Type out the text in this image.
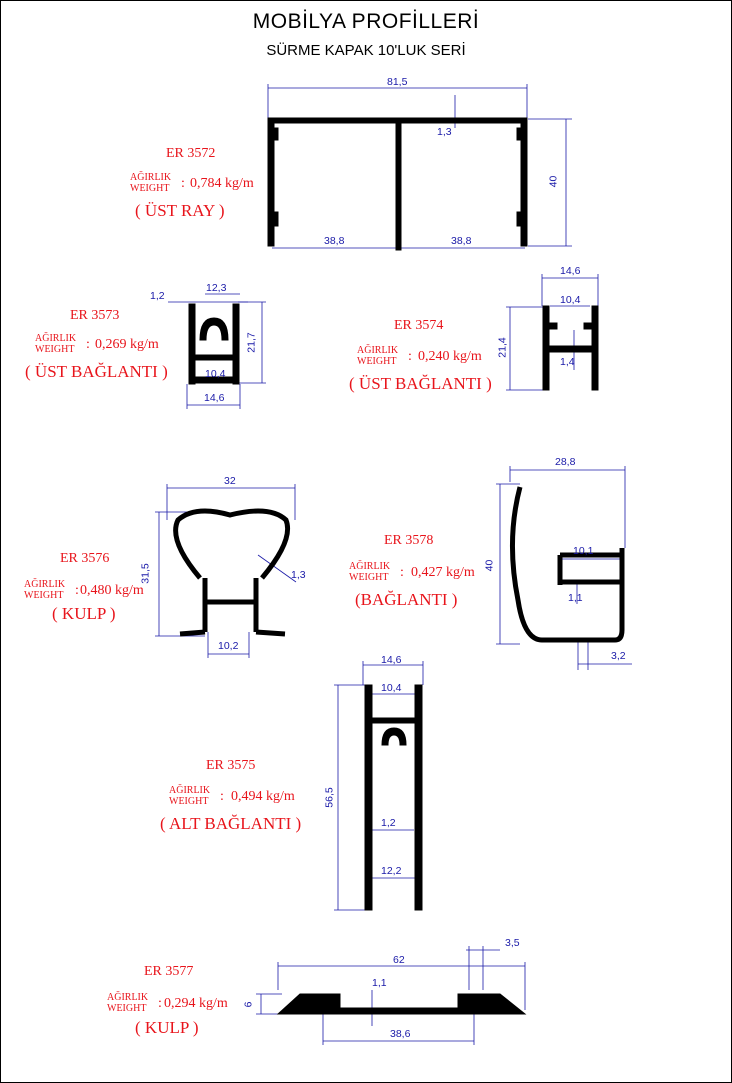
MOBİLYA PROFİLLERİ
SÜRME KAPAK 10'LUK SERİ
81,5
1,3
40
38,8	38,8
1,2
12,3
21,7
10,4
14,6
14,6
10,4
21,4
1,4
32
31,5	1,3
10,2
28,8
40
10,1
1,1
3,2
14,6
10,4
56,5
1,2
12,2
62
3,5
1,1
6
38,6
ER 3572
AĞIRLIK
WEIGHT : 0,784 kg/m
( ÜST RAY )
ER 3573
AĞIRLIK
WEIGHT : 0,269 kg/m
( ÜST BAĞLANTI )
ER 3574
AĞIRLIK
WEIGHT : 0,240 kg/m
( ÜST BAĞLANTI )
ER 3576
AĞIRLIK
WEIGHT : 0,480 kg/m
( KULP )
ER 3578
AĞIRLIK
WEIGHT : 0,427 kg/m
(BAĞLANTI )
ER 3575
AĞIRLIK
WEIGHT : 0,494 kg/m
( ALT BAĞLANTI )
ER 3577
AĞIRLIK
WEIGHT : 0,294 kg/m
( KULP )
